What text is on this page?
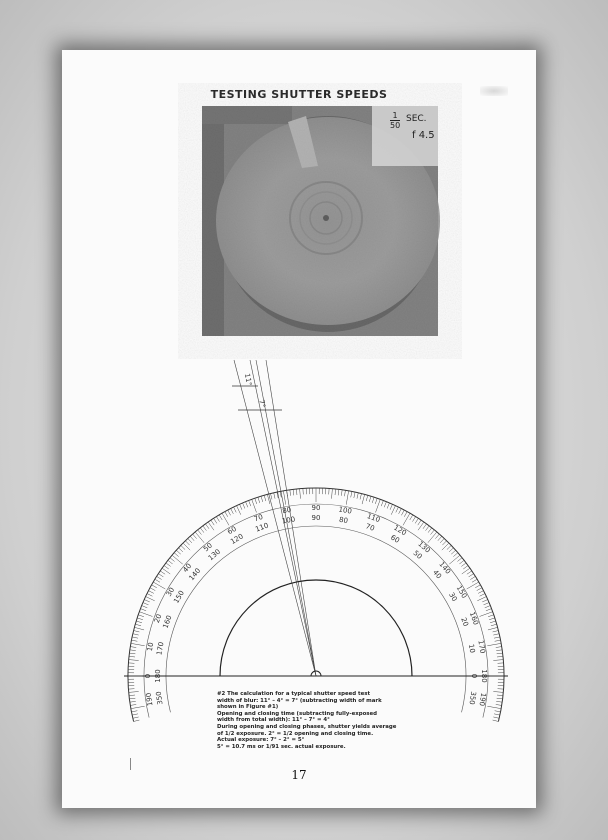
TESTING SHUTTER SPEEDS
$\frac{1}{50}$ SEC.
f 4.5
0 180
10 170
20
160
30
150
40
140
50
130
60
120
70
110
80
100
90
90
100
80 110
70 120
60
130
50
140
40
150
30
160
20
170
10
180
0
190
350
350
190
11°
7°
#2 The calculation for a typical shutter speed test
width of blur: 11° – 4° = 7° (subtracting width of mark
shown in Figure #1)
Opening and closing time (subtracting fully-exposed
width from total width): 11° – 7° = 4°
During opening and closing phases, shutter yields average
of 1/2 exposure. 2° = 1/2 opening and closing time.
Actual exposure: 7° – 2° = 5°
5° = 10.7 ms or 1/91 sec. actual exposure.
17
